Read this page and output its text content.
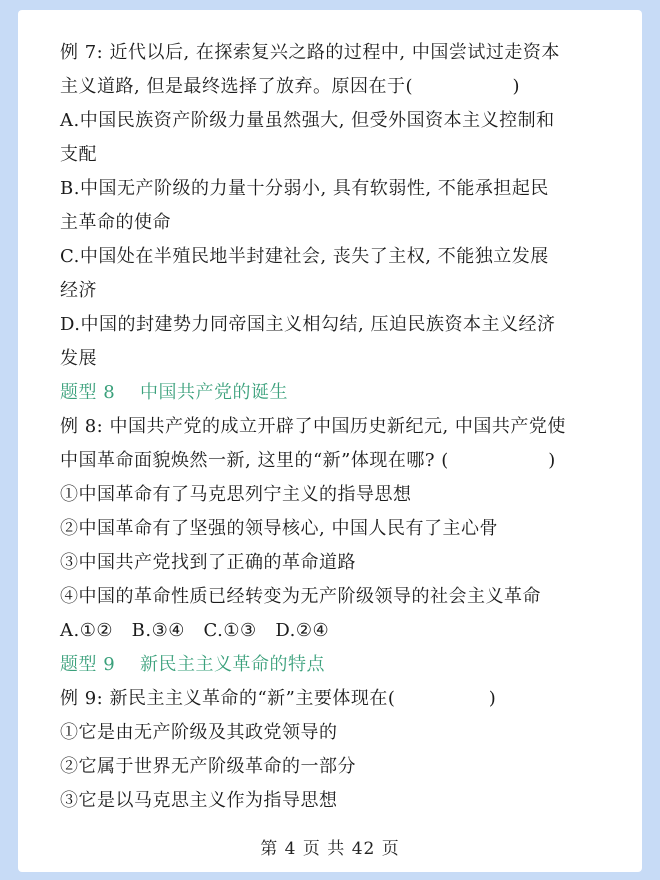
例 7: 近代以后, 在探索复兴之路的过程中, 中国尝试过走资本
主义道路, 但是最终选择了放弃。原因在于(                )
A.中国民族资产阶级力量虽然强大, 但受外国资本主义控制和
支配
B.中国无产阶级的力量十分弱小, 具有软弱性, 不能承担起民
主革命的使命
C.中国处在半殖民地半封建社会, 丧失了主权, 不能独立发展
经济
D.中国的封建势力同帝国主义相勾结, 压迫民族资本主义经济
发展
题型 8    中国共产党的诞生
例 8: 中国共产党的成立开辟了中国历史新纪元, 中国共产党使
中国革命面貌焕然一新, 这里的“新”体现在哪? (                )
①中国革命有了马克思列宁主义的指导思想
②中国革命有了坚强的领导核心, 中国人民有了主心骨
③中国共产党找到了正确的革命道路
④中国的革命性质已经转变为无产阶级领导的社会主义革命
A.①②   B.③④   C.①③   D.②④
题型 9    新民主主义革命的特点
例 9: 新民主主义革命的“新”主要体现在(               )
①它是由无产阶级及其政党领导的
②它属于世界无产阶级革命的一部分
③它是以马克思主义作为指导思想
第 4 页 共 42 页
